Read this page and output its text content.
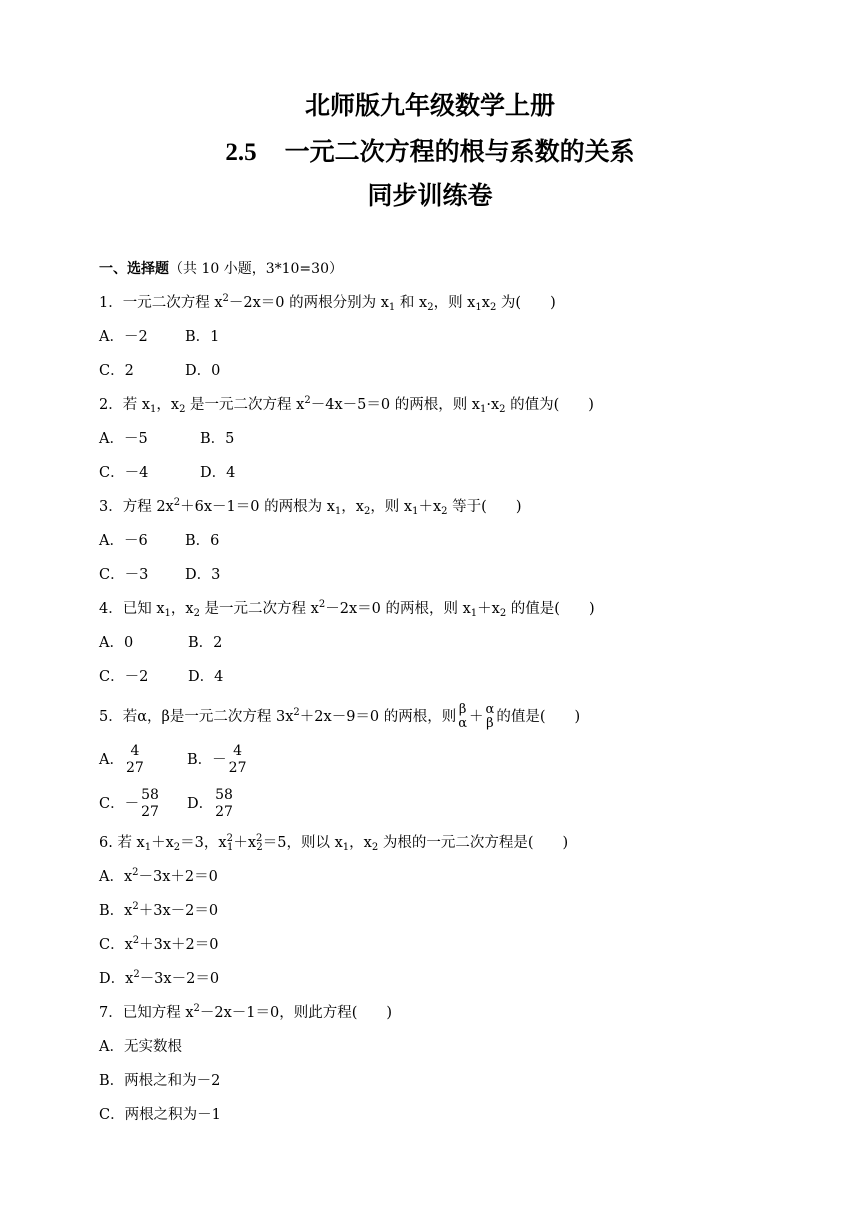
北师版九年级数学上册
2.5 一元二次方程的根与系数的关系
同步训练卷
一、选择题（共 10 小题，3*10=30）
1．一元二次方程 $x^2-2x=0$ 的两根分别为 $x_1$ 和 $x_2$，则 $x_1x_2$ 为(　　)
A．－2	B．1
C．2	D．0
2．若 $x_1$，$x_2$ 是一元二次方程 $x^2-4x-5=0$ 的两根，则 $x_1\cdot x_2$ 的值为(　　)
A．－5	B．5
C．－4	D．4
3．方程 $2x^2+6x-1=0$ 的两根为 $x_1$，$x_2$，则 $x_1+x_2$ 等于(　　)
A．－6	B．6
C．－3	D．3
4．已知 $x_1$，$x_2$ 是一元二次方程 $x^2-2x=0$ 的两根，则 $x_1+x_2$ 的值是(　　)
A．0	B．2
C．－2	D．4
5．若α，β是一元二次方程 $3x^2+2x-9=0$ 的两根，则 β
α ＋ α
β 的值是(　　)
A．
4
27	B．－
4
27
C．－
58
27 D．
58
27
6. 若 $x_1+x_2=3$，$x^2_1+x^2_2=5$，则以 $x_1$，$x_2$ 为根的一元二次方程是(　　)
A．$x^2-3x+2=0$
B．$x^2+3x-2=0$
C．$x^2+3x+2=0$
D．$x^2-3x-2=0$
7．已知方程 $x^2-2x-1=0$，则此方程(　　)
A．无实数根
B．两根之和为－2
C．两根之积为－1
